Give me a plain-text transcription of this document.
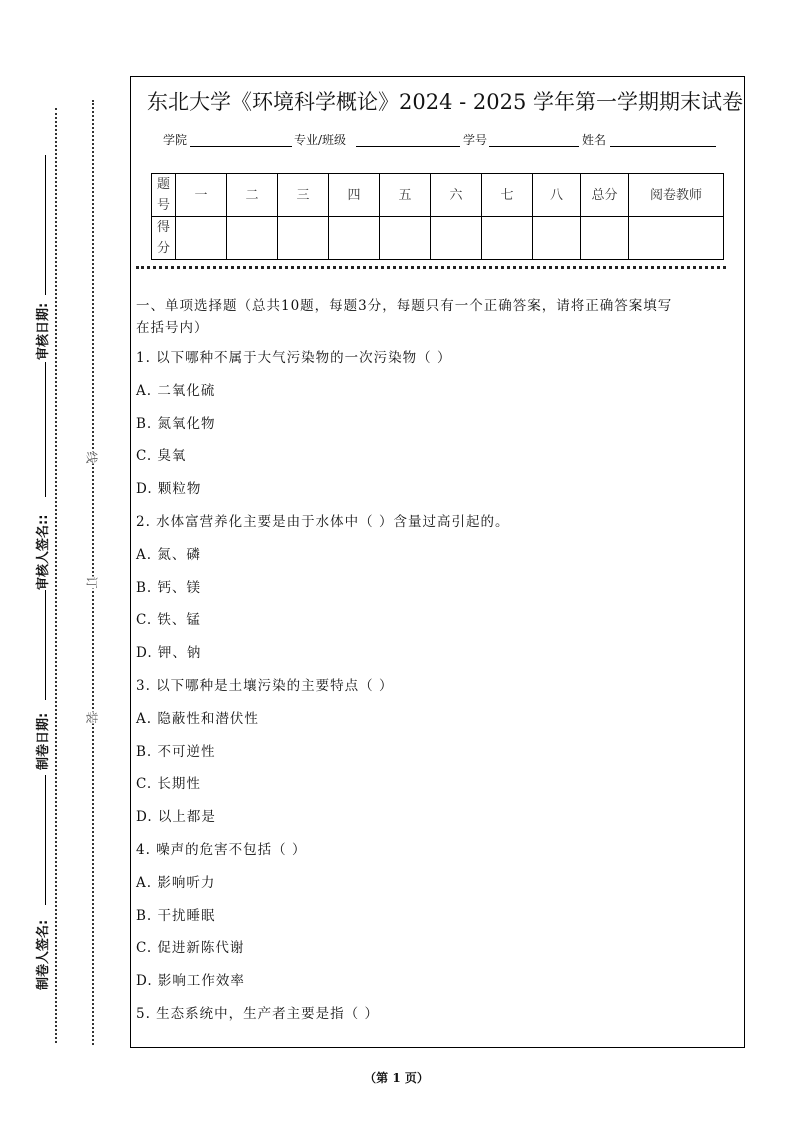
审核日期:
审核人签名::
制卷日期:
制卷人签名:
线
订
装
东北大学《环境科学概论》2024 - 2025 学年第一学期期末试卷
学院	专业/班级	学号	姓名
题号	一	二	三	四	五	六	七	八	总分	阅卷教师
得分										
一、单项选择题（总共10题，每题3分，每题只有一个正确答案，请将正确答案填写
在括号内）
1. 以下哪种不属于大气污染物的一次污染物（ ）
A. 二氧化硫
B. 氮氧化物
C. 臭氧
D. 颗粒物
2. 水体富营养化主要是由于水体中（ ）含量过高引起的。
A. 氮、磷
B. 钙、镁
C. 铁、锰
D. 钾、钠
3. 以下哪种是土壤污染的主要特点（ ）
A. 隐蔽性和潜伏性
B. 不可逆性
C. 长期性
D. 以上都是
4. 噪声的危害不包括（ ）
A. 影响听力
B. 干扰睡眠
C. 促进新陈代谢
D. 影响工作效率
5. 生态系统中，生产者主要是指（ ）
（第 1 页）
